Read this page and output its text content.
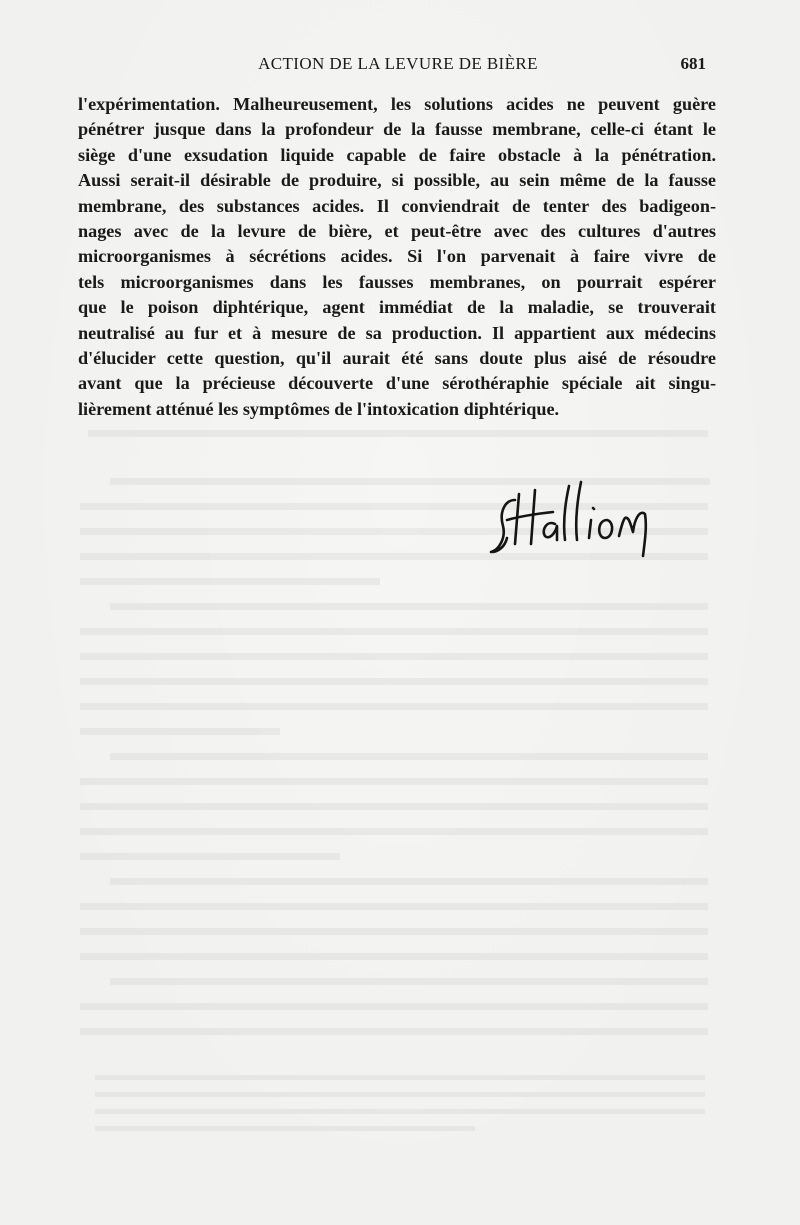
ACTION DE LA LEVURE DE BIÈRE	681
l'expérimentation. Malheureusement, les solutions acides ne peuvent guère
pénétrer jusque dans la profondeur de la fausse membrane, celle-ci étant le
siège d'une exsudation liquide capable de faire obstacle à la pénétration.
Aussi serait-il désirable de produire, si possible, au sein même de la fausse
membrane, des substances acides. Il conviendrait de tenter des badigeon-
nages avec de la levure de bière, et peut-être avec des cultures d'autres
microorganismes à sécrétions acides. Si l'on parvenait à faire vivre de
tels microorganismes dans les fausses membranes, on pourrait espérer
que le poison diphtérique, agent immédiat de la maladie, se trouverait
neutralisé au fur et à mesure de sa production. Il appartient aux médecins
d'élucider cette question, qu'il aurait été sans doute plus aisé de résoudre
avant que la précieuse découverte d'une sérothéraphie spéciale ait singu-
lièrement atténué les symptômes de l'intoxication diphtérique.
